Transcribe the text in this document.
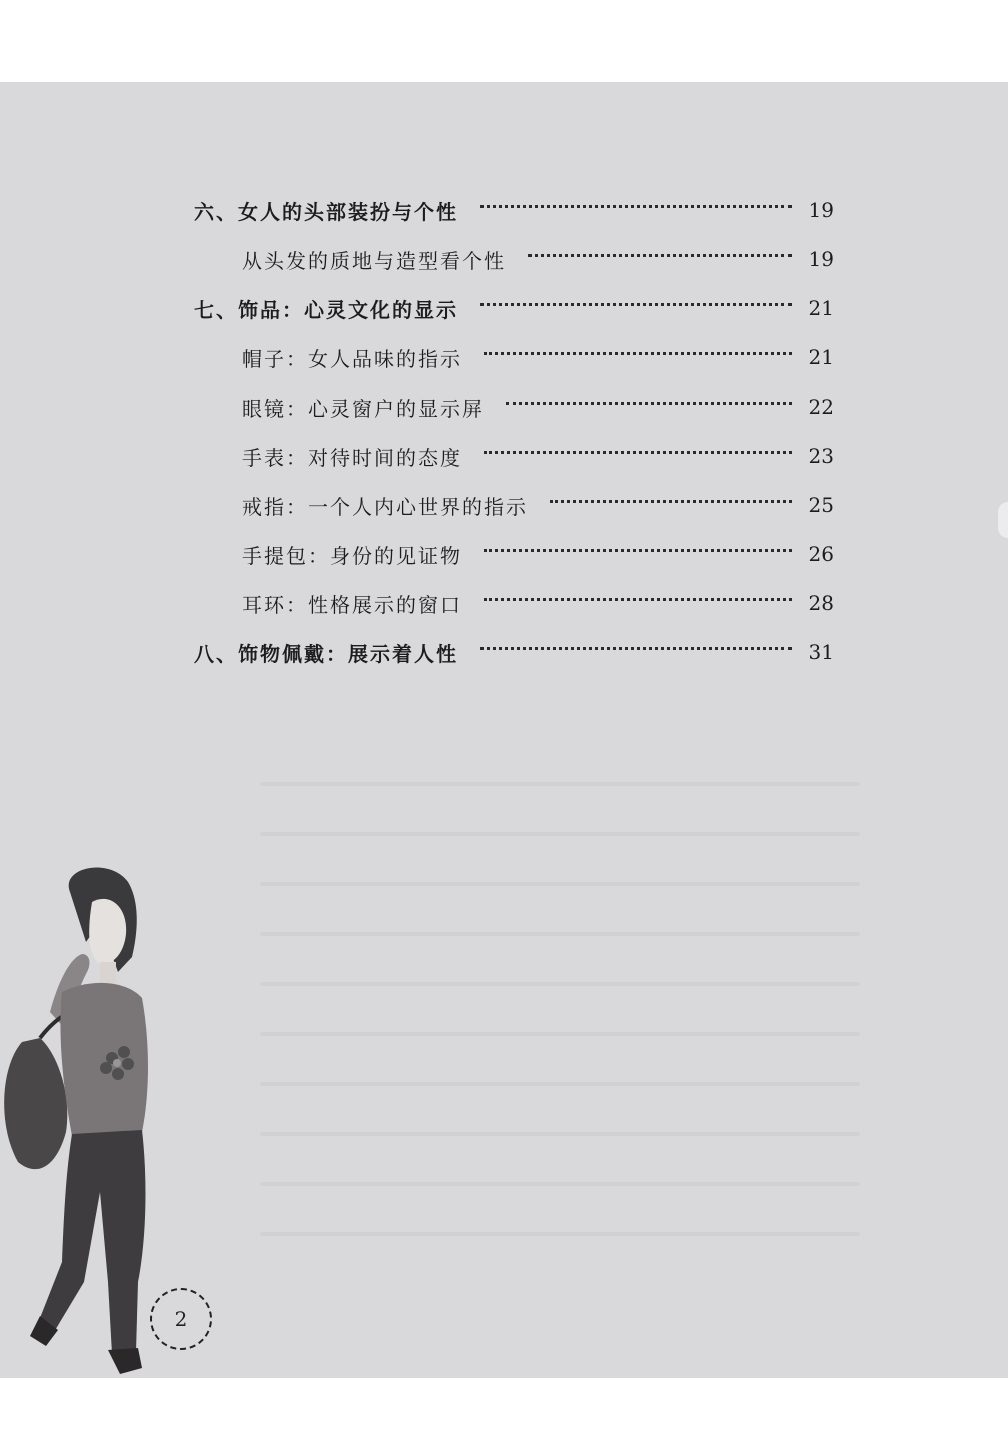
六、女人的头部装扮与个性	19
从头发的质地与造型看个性	19
七、饰品：心灵文化的显示	21
帽子：女人品味的指示	21
眼镜：心灵窗户的显示屏	22
手表：对待时间的态度	23
戒指：一个人内心世界的指示	25
手提包：身份的见证物	26
耳环：性格展示的窗口	28
八、饰物佩戴：展示着人性	31
2
